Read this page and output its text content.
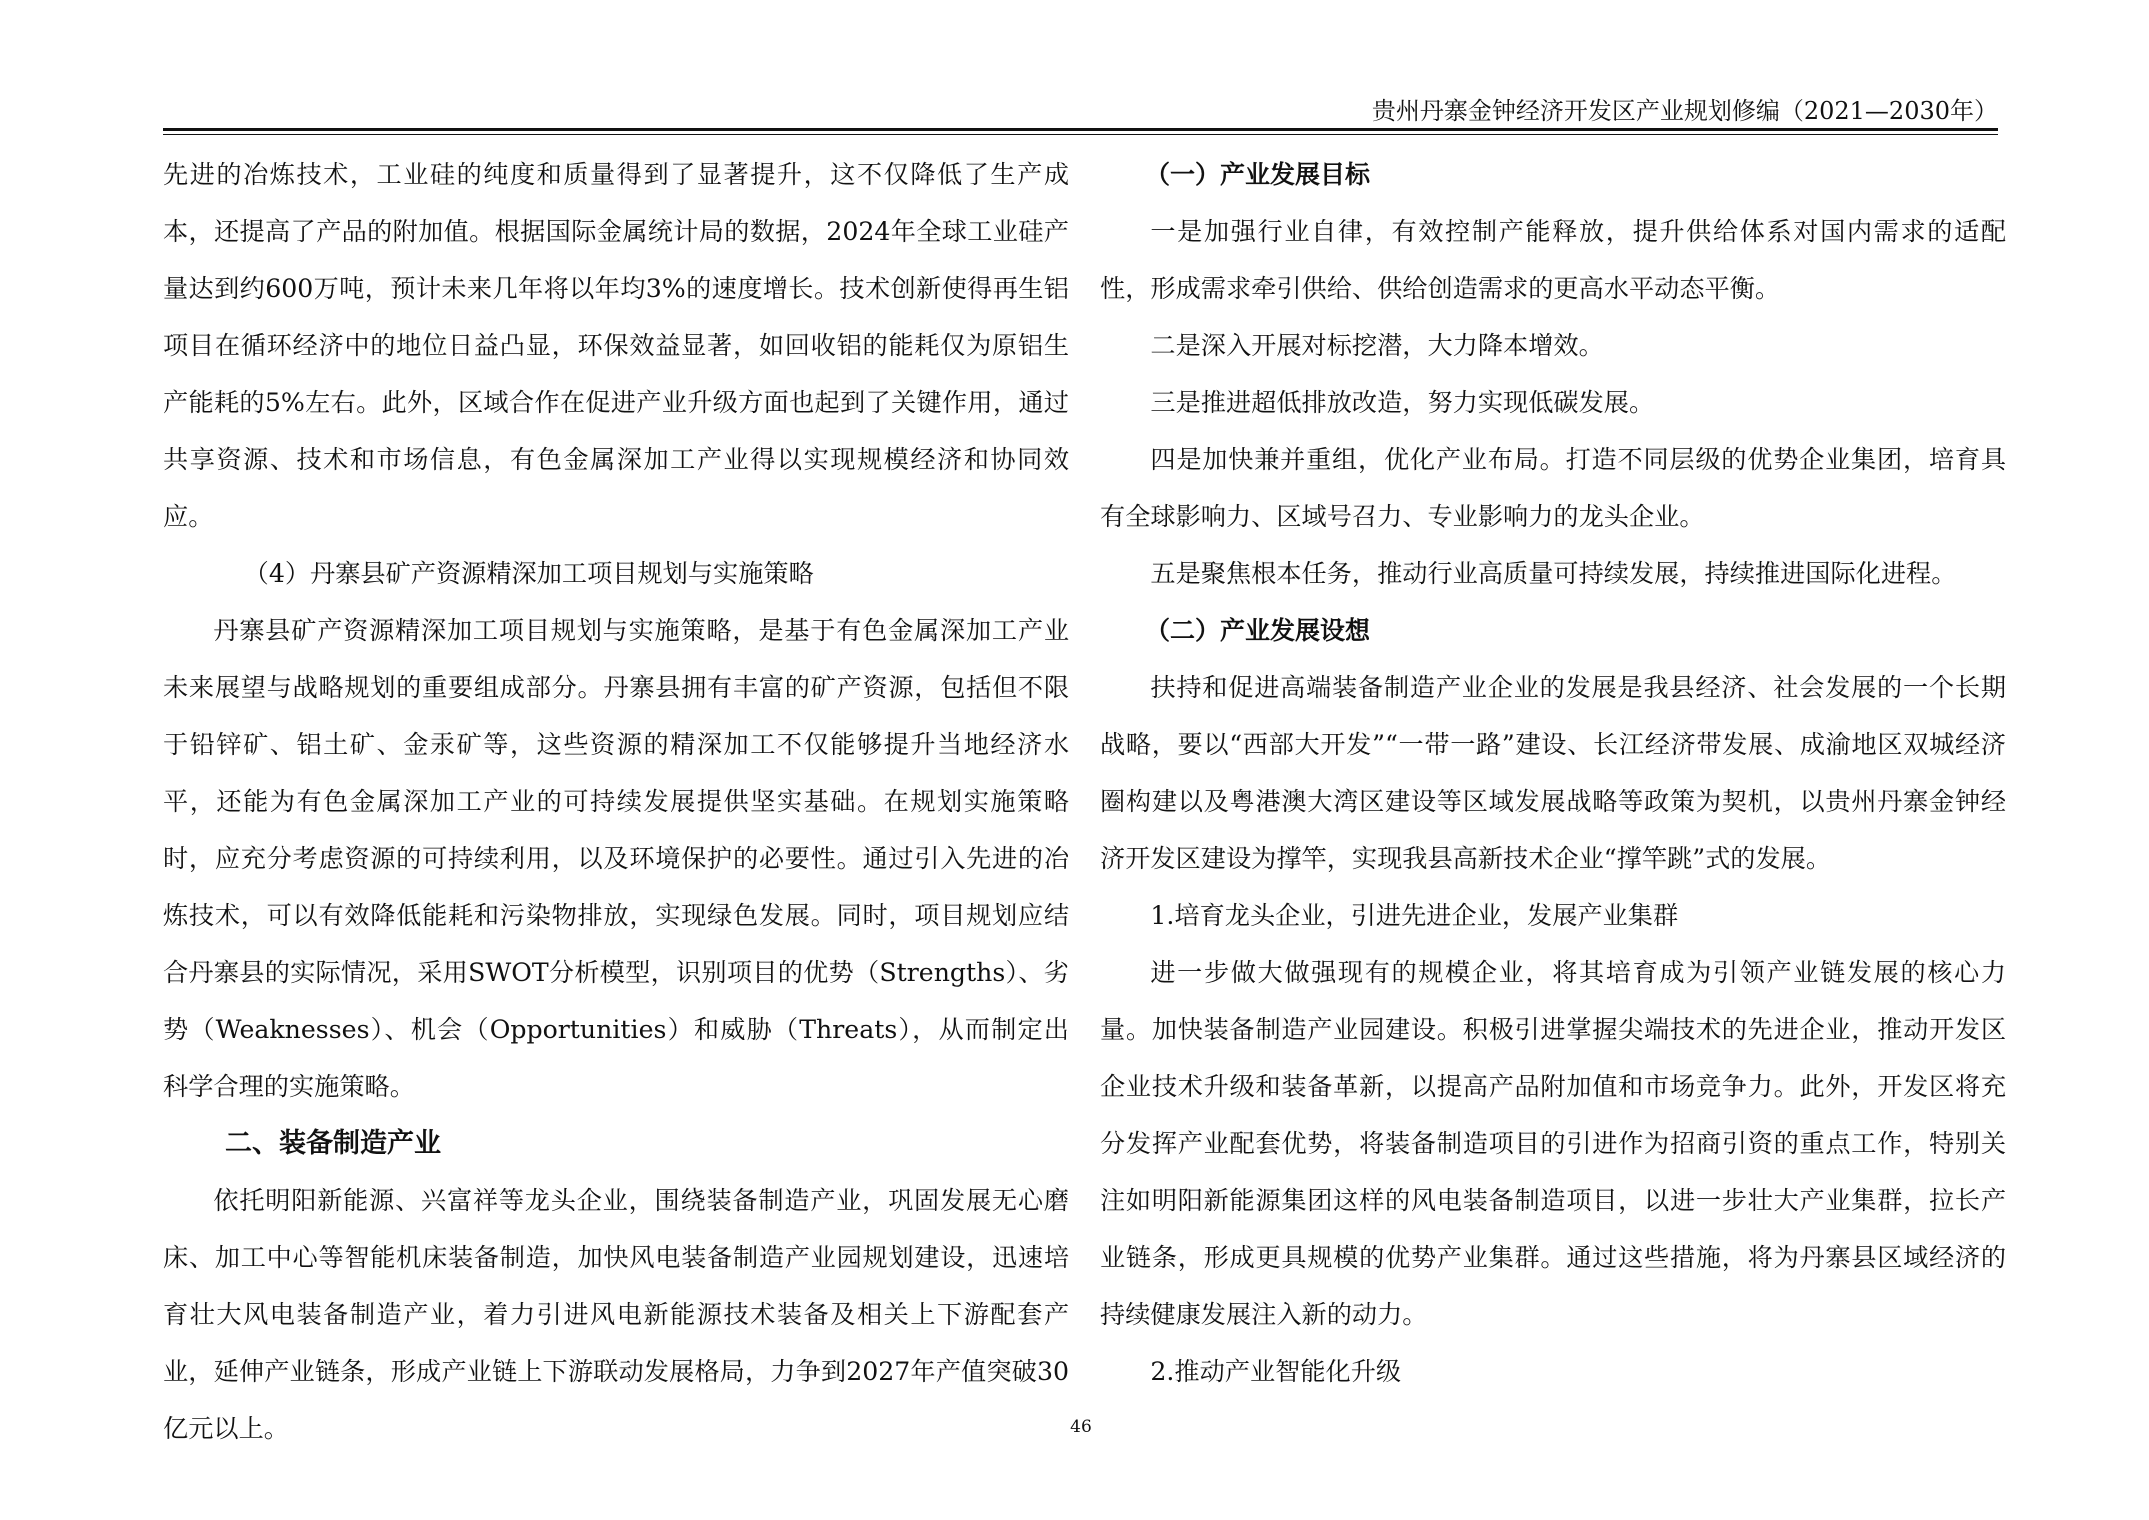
贵州丹寨金钟经济开发区产业规划修编（2021—2030年）

先进的冶炼技术，工业硅的纯度和质量得到了显著提升，这不仅降低了生产成本，还提高了产品的附加值。根据国际金属统计局的数据，2024年全球工业硅产量达到约600万吨，预计未来几年将以年均3%的速度增长。技术创新使得再生铝项目在循环经济中的地位日益凸显，环保效益显著，如回收铝的能耗仅为原铝生产能耗的5%左右。此外，区域合作在促进产业升级方面也起到了关键作用，通过共享资源、技术和市场信息，有色金属深加工产业得以实现规模经济和协同效应。

（4）丹寨县矿产资源精深加工项目规划与实施策略

丹寨县矿产资源精深加工项目规划与实施策略，是基于有色金属深加工产业未来展望与战略规划的重要组成部分。丹寨县拥有丰富的矿产资源，包括但不限于铅锌矿、铝土矿、金汞矿等，这些资源的精深加工不仅能够提升当地经济水平，还能为有色金属深加工产业的可持续发展提供坚实基础。在规划实施策略时，应充分考虑资源的可持续利用，以及环境保护的必要性。通过引入先进的冶炼技术，可以有效降低能耗和污染物排放，实现绿色发展。同时，项目规划应结合丹寨县的实际情况，采用SWOT分析模型，识别项目的优势（Strengths）、劣势（Weaknesses）、机会（Opportunities）和威胁（Threats），从而制定出科学合理的实施策略。

二、装备制造产业

依托明阳新能源、兴富祥等龙头企业，围绕装备制造产业，巩固发展无心磨床、加工中心等智能机床装备制造，加快风电装备制造产业园规划建设，迅速培育壮大风电装备制造产业，着力引进风电新能源技术装备及相关上下游配套产业，延伸产业链条，形成产业链上下游联动发展格局，力争到2027年产值突破30亿元以上。

（一）产业发展目标

一是加强行业自律，有效控制产能释放，提升供给体系对国内需求的适配性，形成需求牵引供给、供给创造需求的更高水平动态平衡。

二是深入开展对标挖潜，大力降本增效。

三是推进超低排放改造，努力实现低碳发展。

四是加快兼并重组，优化产业布局。打造不同层级的优势企业集团，培育具有全球影响力、区域号召力、专业影响力的龙头企业。

五是聚焦根本任务，推动行业高质量可持续发展，持续推进国际化进程。

（二）产业发展设想

扶持和促进高端装备制造产业企业的发展是我县经济、社会发展的一个长期战略，要以“西部大开发”“一带一路”建设、长江经济带发展、成渝地区双城经济圈构建以及粤港澳大湾区建设等区域发展战略等政策为契机，以贵州丹寨金钟经济开发区建设为撑竿，实现我县高新技术企业“撑竿跳”式的发展。

1.培育龙头企业，引进先进企业，发展产业集群

进一步做大做强现有的规模企业，将其培育成为引领产业链发展的核心力量。加快装备制造产业园建设。积极引进掌握尖端技术的先进企业，推动开发区企业技术升级和装备革新，以提高产品附加值和市场竞争力。此外，开发区将充分发挥产业配套优势，将装备制造项目的引进作为招商引资的重点工作，特别关注如明阳新能源集团这样的风电装备制造项目，以进一步壮大产业集群，拉长产业链条，形成更具规模的优势产业集群。通过这些措施，将为丹寨县区域经济的持续健康发展注入新的动力。

2.推动产业智能化升级

46
